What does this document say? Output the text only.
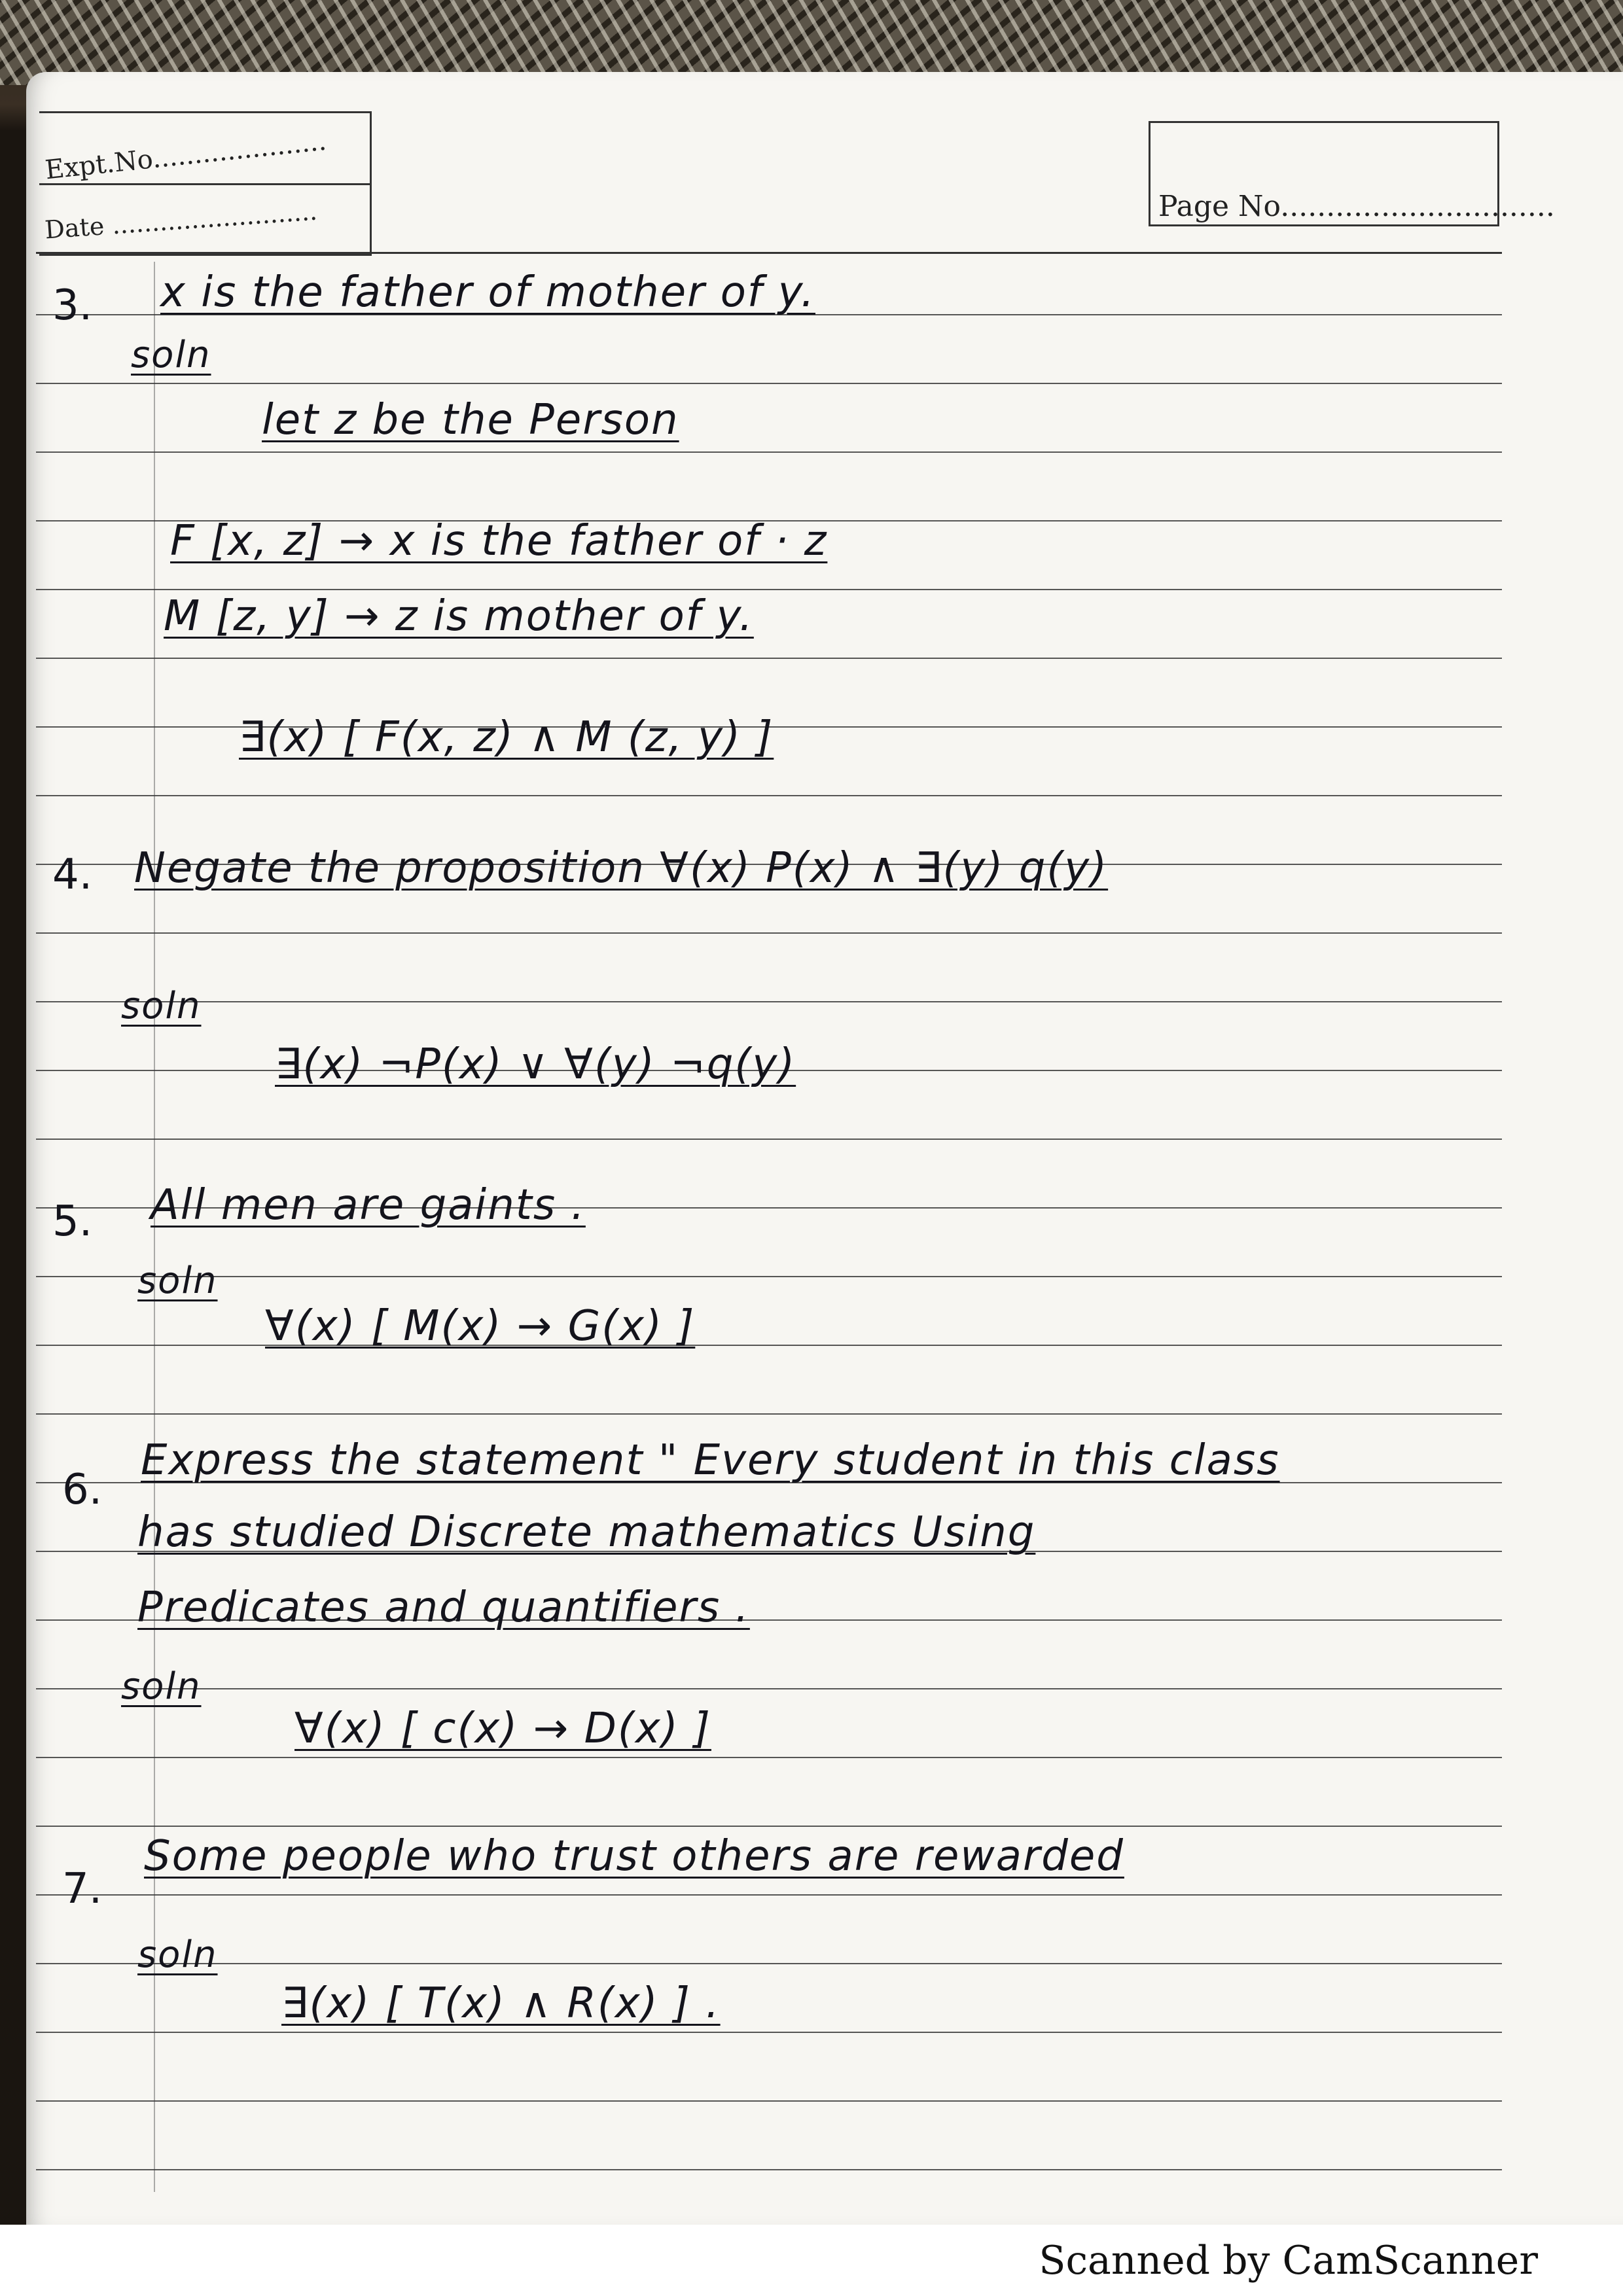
Expt.No.....................
Date ..........................	Page No..............................
3. x is the father of mother of y.
soln
let z be the Person
F [x, z] → x is the father of · z
M [z, y] → z is mother of y.
∃(x) [ F(x, z) ∧ M (z, y) ]
4. Negate the proposition ∀(x) P(x) ∧ ∃(y) q(y)
soln
∃(x) ¬P(x) ∨ ∀(y) ¬q(y)
5. All men are gaints .
soln
∀(x) [ M(x) → G(x) ]
6.
Express the statement " Every student in this class
has studied Discrete mathematics Using
Predicates and quantifiers .
soln
∀(x) [ c(x) → D(x) ]
7.
Some people who trust others are rewarded
soln
∃(x) [ T(x) ∧ R(x) ] .
Scanned by CamScanner
